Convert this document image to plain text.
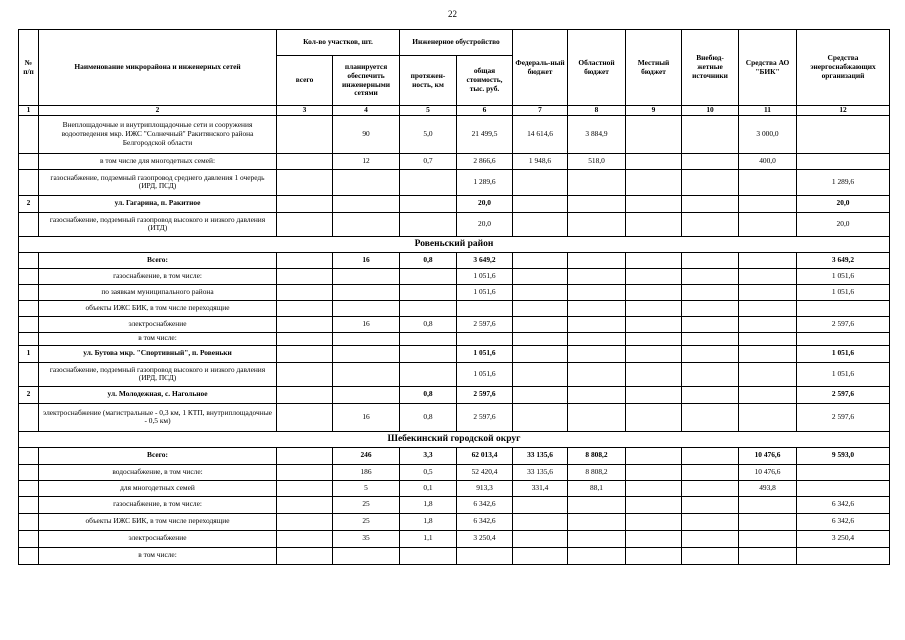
22
№ п/п	Наименование микрорайона и инженерных сетей	Кол-во участков, шт.		Инженерное обустройство		Федераль-ный бюджет	Областной бюджет	Местный бюджет	Внебюд-жетные источники	Средства АО "БИК"	Средства энергоснабжающих организаций
		всего	планируется обеспечить инженерными сетями	протяжен-ность, км	общая стоимость, тыс. руб.						
1	2	3	4	5	6	7	8	9	10	11	12
	Внеплощадочные и внутриплощадочные сети и сооружения водоотведения мкр. ИЖС "Солнечный" Ракитянского района Белгородской области		90	5,0	21 499,5	14 614,6	3 884,9			3 000,0	
	в том числе для многодетных семей:		12	0,7	2 866,6	1 948,6	518,0			400,0	
	газоснабжение, подземный газопровод среднего давления 1 очередь (ИРД, ПСД)				1 289,6						1 289,6
2	ул. Гагарина, п. Ракитное				20,0						20,0
	газоснабжение, подземный газопровод высокого и низкого давления (ИТД)				20,0						20,0
Ровеньский район											
	Всего:		16	0,8	3 649,2						3 649,2
	газоснабжение, в том числе:				1 051,6						1 051,6
	по заявкам муниципального района				1 051,6						1 051,6
	объекты ИЖС БИК, в том числе переходящие										
	электроснабжение		16	0,8	2 597,6						2 597,6
	в том числе:										
1	ул. Бутова мкр. "Спортивный", п. Ровеньки				1 051,6						1 051,6
	газоснабжение, подземный газопровод высокого и низкого давления (ИРД, ПСД)				1 051,6						1 051,6
2	ул. Молодежная, с. Нагольное			0,8	2 597,6						2 597,6
	электроснабжение (магистральные - 0,3 км, 1 КТП, внутриплощадочные - 0,5 км)		16	0,8	2 597,6						2 597,6
Шебекинский городской округ											
	Всего:		246	3,3	62 013,4	33 135,6	8 808,2			10 476,6	9 593,0
	водоснабжение, в том числе:		186	0,5	52 420,4	33 135,6	8 808,2			10 476,6	
	для многодетных семей		5	0,1	913,3	331,4	88,1			493,8	
	газоснабжение, в том числе:		25	1,8	6 342,6						6 342,6
	объекты ИЖС БИК, в том числе переходящие		25	1,8	6 342,6						6 342,6
	электроснабжение		35	1,1	3 250,4						3 250,4
	в том числе:										
